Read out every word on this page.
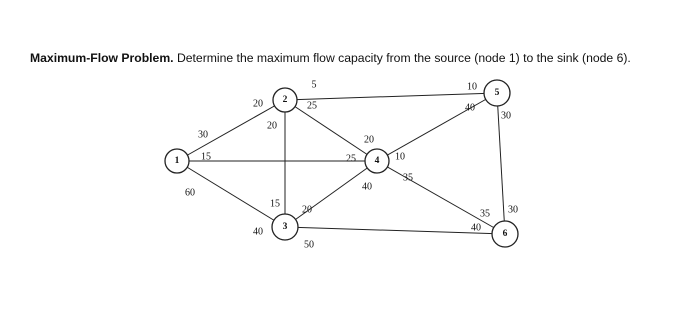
Maximum-Flow Problem. Determine the maximum flow capacity from the source (node 1) to the sink (node 6).

30
20
60
40
15	25
20
15
25
20
5	10
20
40
50
40
10
40
35
35
30
30
1
2
3
4
5
6
